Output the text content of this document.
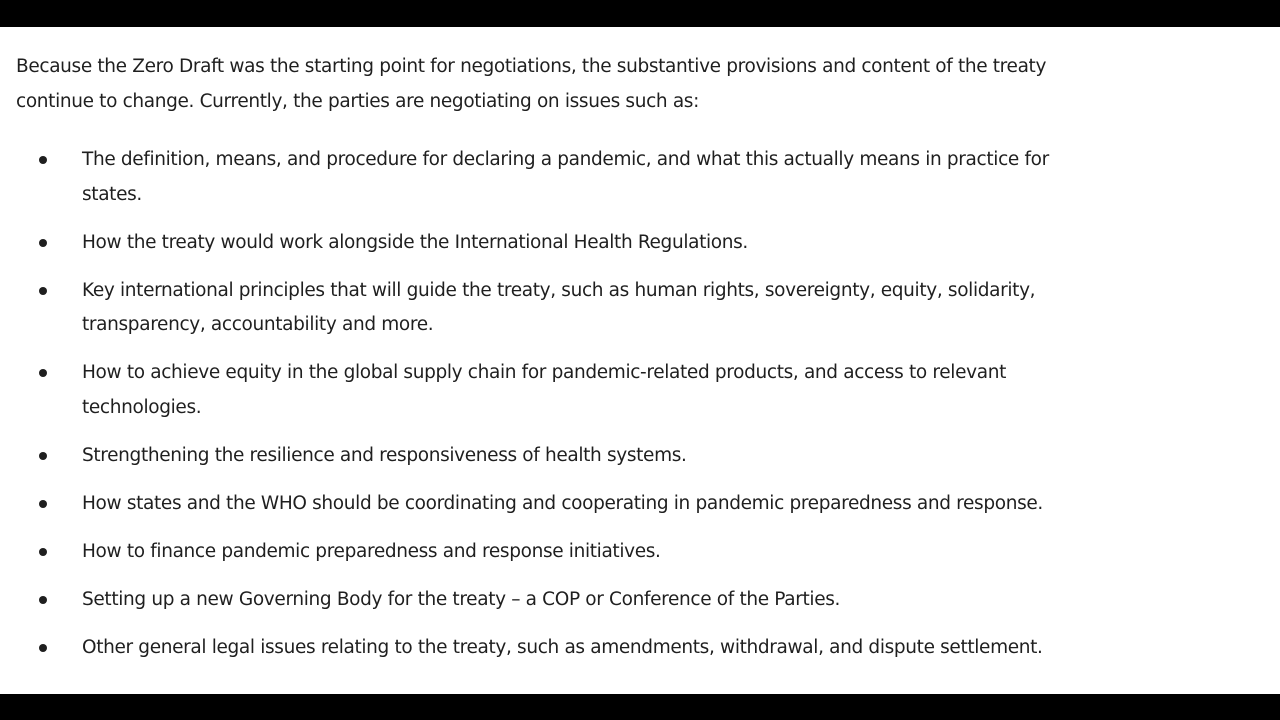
Because the Zero Draft was the starting point for negotiations, the substantive provisions and content of the treaty continue to change. Currently, the parties are negotiating on issues such as:

The definition, means, and procedure for declaring a pandemic, and what this actually means in practice for states.
How the treaty would work alongside the International Health Regulations.
Key international principles that will guide the treaty, such as human rights, sovereignty, equity, solidarity, transparency, accountability and more.
How to achieve equity in the global supply chain for pandemic-related products, and access to relevant technologies.
Strengthening the resilience and responsiveness of health systems.
How states and the WHO should be coordinating and cooperating in pandemic preparedness and response.
How to finance pandemic preparedness and response initiatives.
Setting up a new Governing Body for the treaty – a COP or Conference of the Parties.
Other general legal issues relating to the treaty, such as amendments, withdrawal, and dispute settlement.
